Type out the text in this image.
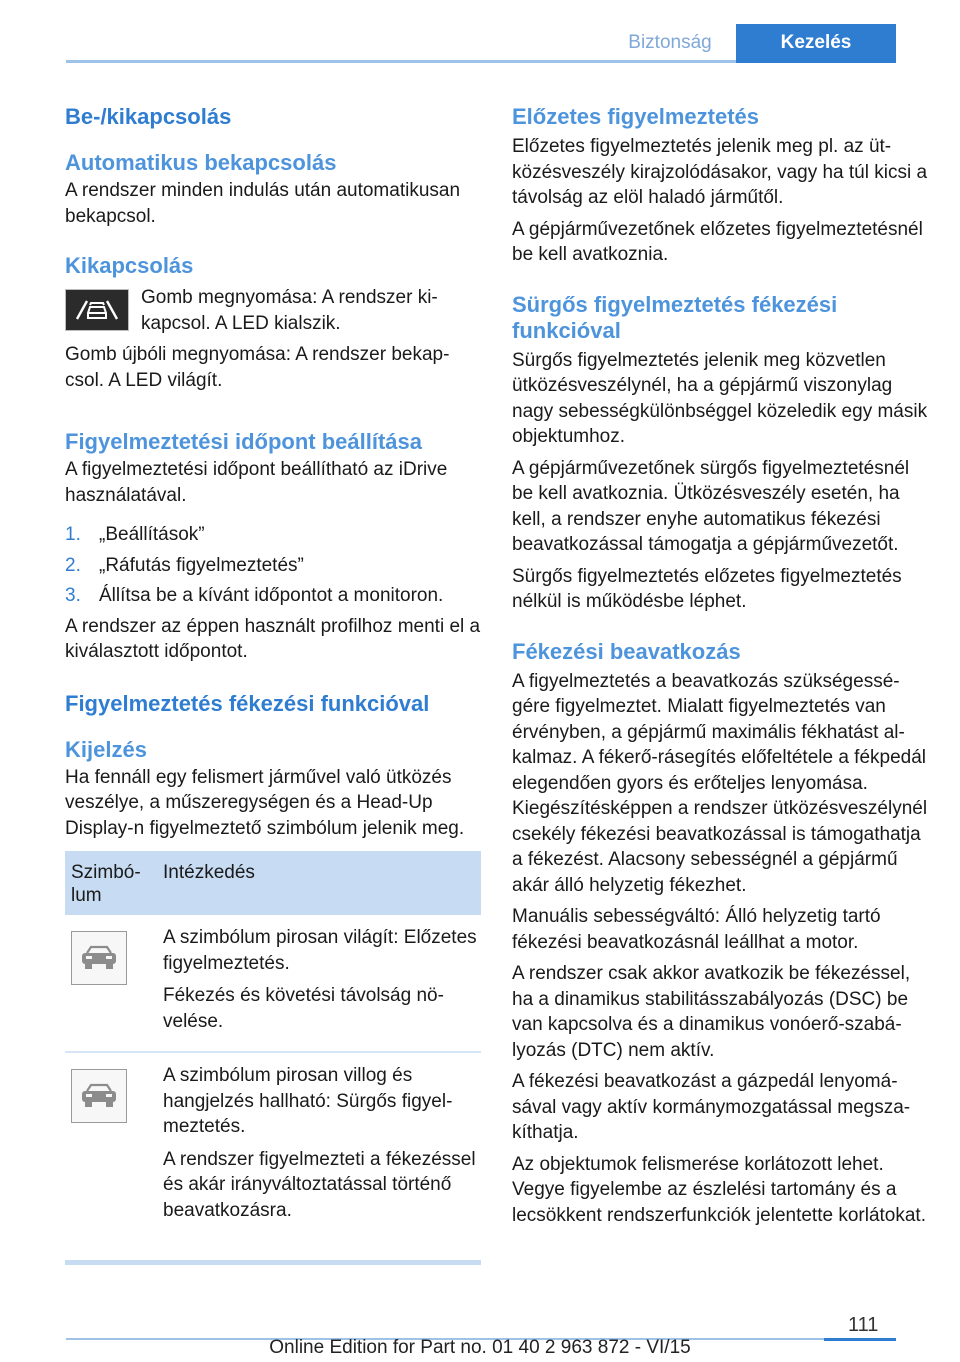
Biztonság	Kezelés
Be-/kikapcsolás
Automatikus bekapcsolás

A rendszer minden indulás után automatikusan bekapcsol.

Kikapcsolás

Gomb megnyomása: A rendszer kikapcsol. A LED kialszik.

Gomb újbóli megnyomása: A rendszer bekapcsol. A LED világít.

Figyelmeztetési időpont beállítása

A figyelmeztetési időpont beállítható az iDrive használatával.

1. „Beállítások”
2. „Ráfutás figyelmeztetés”
3. Állítsa be a kívánt időpontot a monitoron.

A rendszer az éppen használt profilhoz menti el a kiválasztott időpontot.

Figyelmeztetés fékezési funkcióval
Kijelzés

Ha fennáll egy felismert járművel való ütközés veszélye, a műszeregységen és a Head-Up Display-n figyelmeztető szimbólum jelenik meg.

Szimbólum
Intézkedés

A szimbólum pirosan világít: Előzetes figyelmeztetés.

Fékezés és követési távolság növelése.

A szimbólum pirosan villog és hangjelzés hallható: Sürgős figyelmeztetés.

A rendszer figyelmezteti a fékezéssel és akár irányváltoztatással történő beavatkozásra.

Előzetes figyelmeztetés

Előzetes figyelmeztetés jelenik meg pl. az ütközésveszély kirajzolódásakor, vagy ha túl kicsi a távolság az elöl haladó járműtől.

A gépjárművezetőnek előzetes figyelmeztetésnél be kell avatkoznia.

Sürgős figyelmeztetés fékezési funkcióval

Sürgős figyelmeztetés jelenik meg közvetlen ütközésveszélynél, ha a gépjármű viszonylag nagy sebességkülönbséggel közeledik egy másik objektumhoz.

A gépjárművezetőnek sürgős figyelmeztetésnél be kell avatkoznia. Ütközésveszély esetén, ha kell, a rendszer enyhe automatikus fékezési beavatkozással támogatja a gépjárművezetőt.

Sürgős figyelmeztetés előzetes figyelmeztetés nélkül is működésbe léphet.

Fékezési beavatkozás

A figyelmeztetés a beavatkozás szükségességére figyelmeztet. Mialatt figyelmeztetés van érvényben, a gépjármű maximális fékhatást alkalmaz. A fékerő-rásegítés előfeltétele a fékpedál elegendően gyors és erőteljes lenyomása. Kiegészítésképpen a rendszer ütközésveszélynél csekély fékezési beavatkozással is támogathatja a fékezést. Alacsony sebességnél a gépjármű akár álló helyzetig fékezhet.

Manuális sebességváltó: Álló helyzetig tartó fékezési beavatkozásnál leállhat a motor.

A rendszer csak akkor avatkozik be fékezéssel, ha a dinamikus stabilitásszabályozás (DSC) be van kapcsolva és a dinamikus vonóerő-szabályozás (DTC) nem aktív.

A fékezési beavatkozást a gázpedál lenyomásával vagy aktív kormánymozgatással megszakíthatja.

Az objektumok felismerése korlátozott lehet. Vegye figyelembe az észlelési tartomány és a lecsökkent rendszerfunkciók jelentette korlátokat.

111
Online Edition for Part no. 01 40 2 963 872 - VI/15
